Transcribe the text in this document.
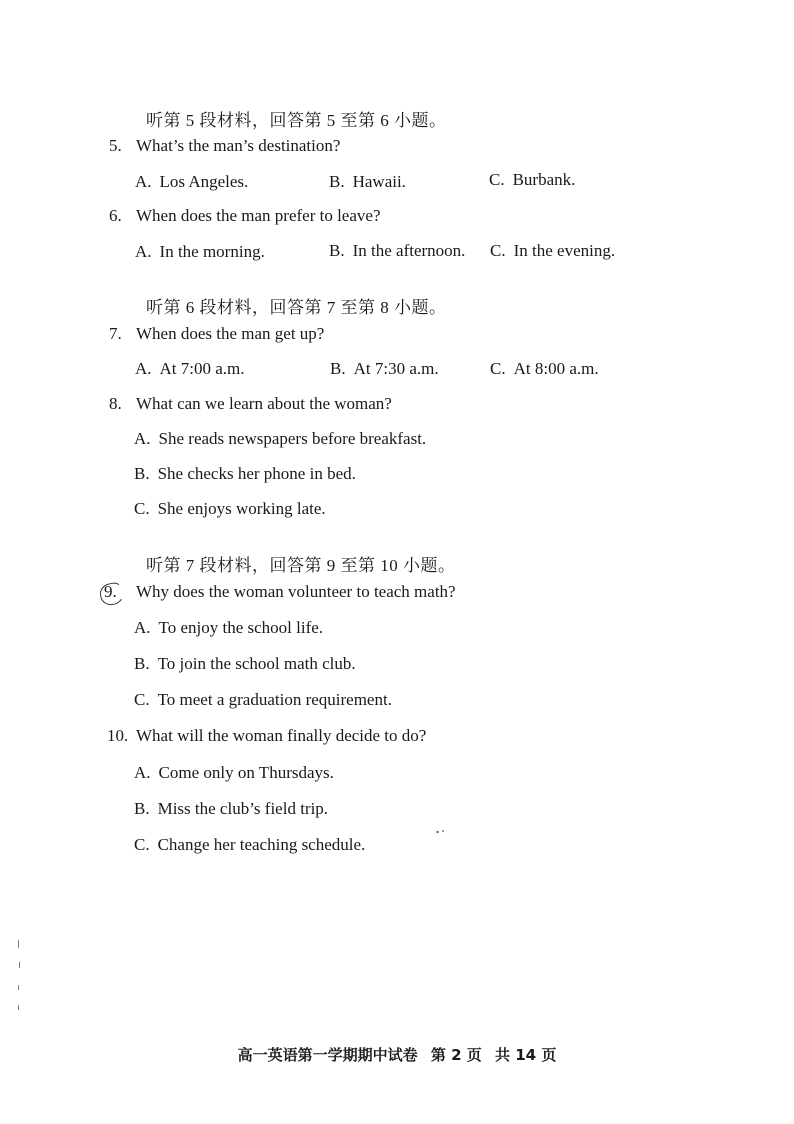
听第 5 段材料，回答第 5 至第 6 小题。
5. What’s the man’s destination?
A. Los Angeles.	B. Hawaii.	C. Burbank.
6. When does the man prefer to leave?
A. In the morning.	B. In the afternoon. C. In the evening.
听第 6 段材料，回答第 7 至第 8 小题。
7. When does the man get up?
A. At 7:00 a.m.	B. At 7:30 a.m.	C. At 8:00 a.m.
8. What can we learn about the woman?
A. She reads newspapers before breakfast.
B. She checks her phone in bed.
C. She enjoys working late.
听第 7 段材料，回答第 9 至第 10 小题。
9. Why does the woman volunteer to teach math?
A. To enjoy the school life.
B. To join the school math club.
C. To meet a graduation requirement.
10. What will the woman finally decide to do?
A. Come only on Thursdays.
B. Miss the club’s field trip.
C. Change her teaching schedule.
高一英语第一学期期中试卷 第 2 页 共 14 页
